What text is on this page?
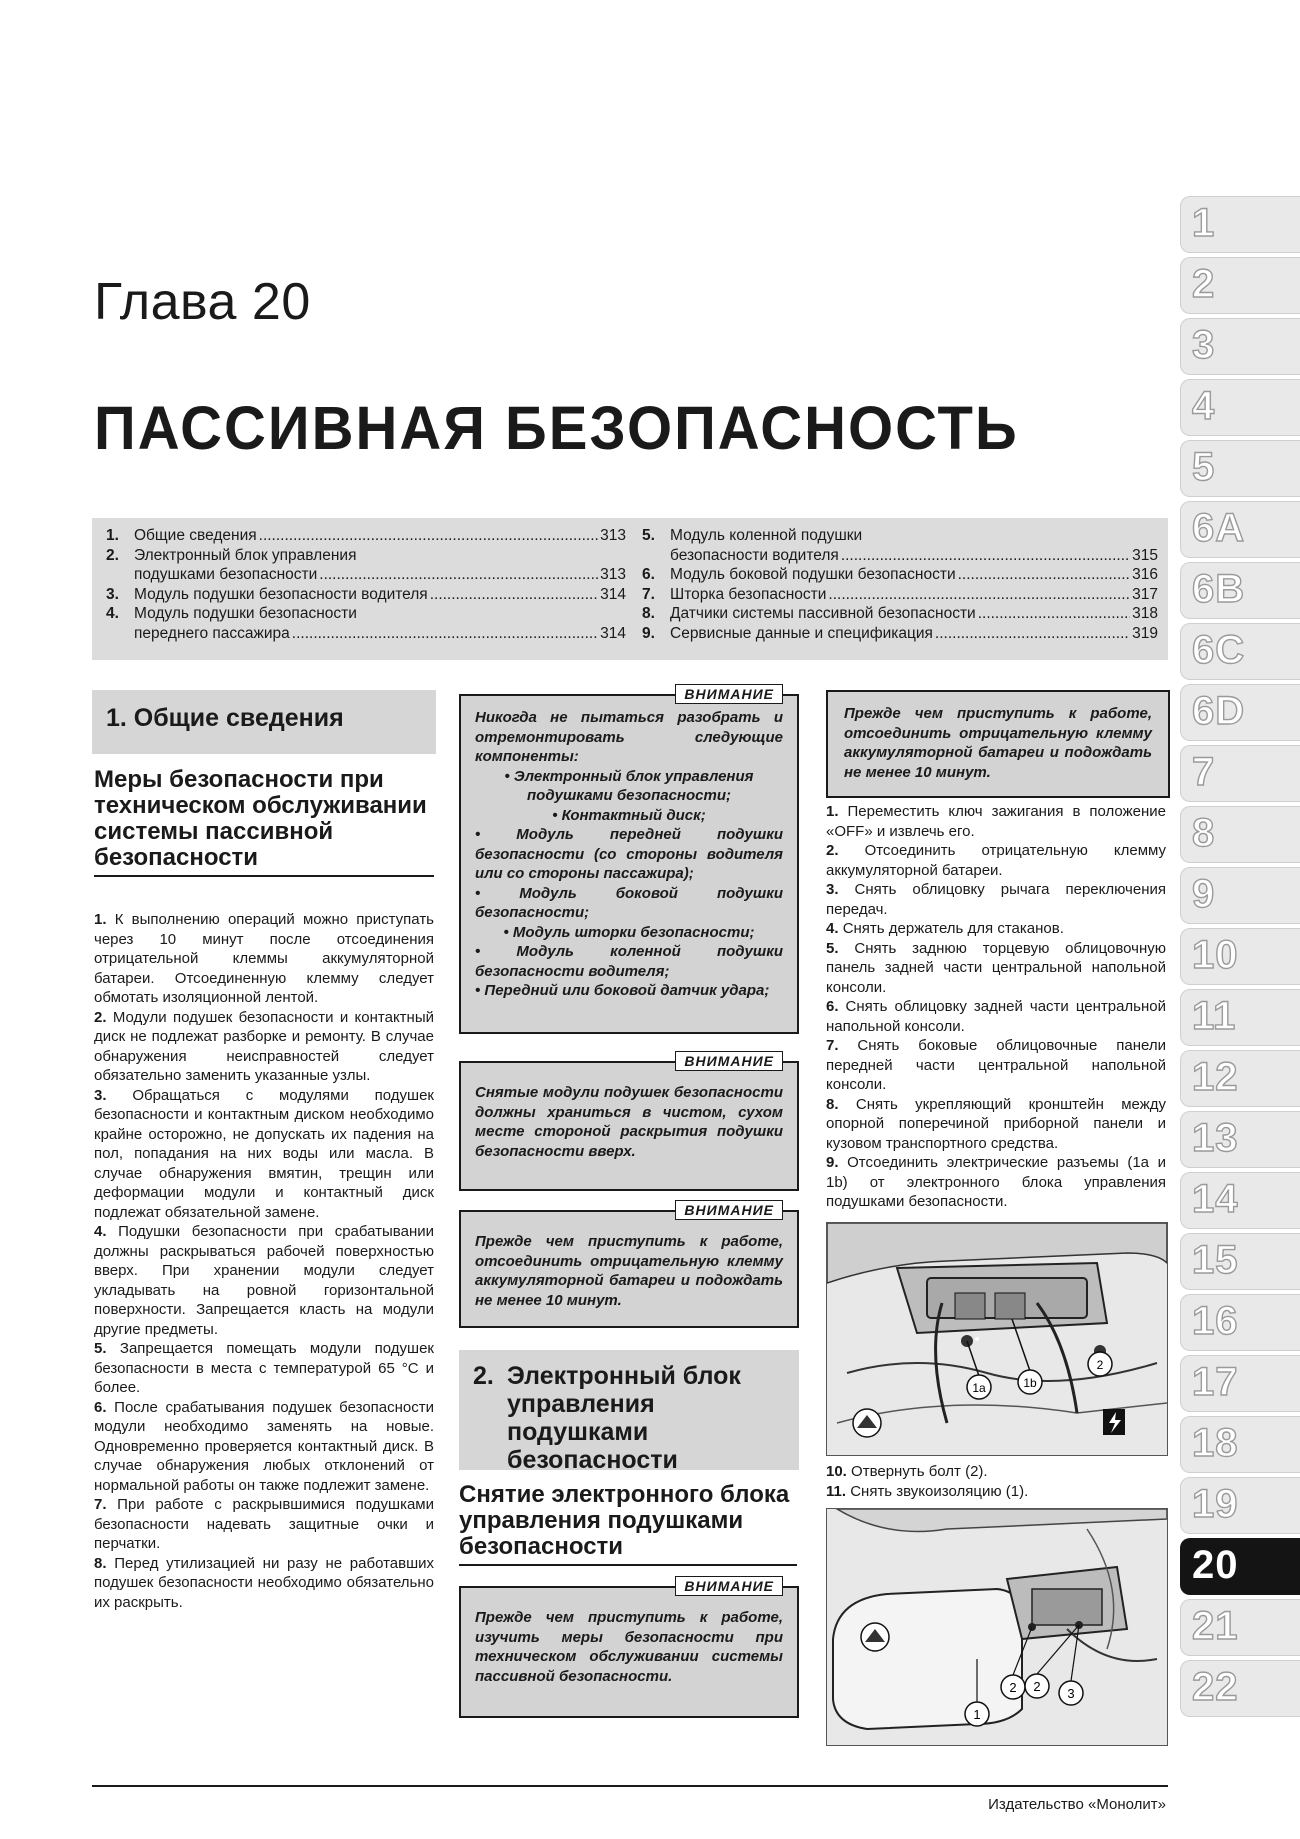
Глава 20
ПАССИВНАЯ БЕЗОПАСНОСТЬ
1. Общие сведения .....	313
2. Электронный блок управления
подушками безопасности .....	313
3. Модуль подушки безопасности водителя .....	314
4. Модуль подушки безопасности
переднего пассажира .....	314
5. Модуль коленной подушки
безопасности водителя .....	315
6. Модуль боковой подушки безопасности .....	316
7. Шторка безопасности .....	317
8. Датчики системы пассивной безопасности .....	318
9. Сервисные данные и спецификация .....	319
1
2
3
4
5
6A
6B
6C
6D
7
8
9
10
11
12
13
14
15
16
17
18
19
20
21
22
1. Общие сведения
Меры безопасности при техническом обслуживании системы пассивной безопасности

1. К выполнению операций можно приступать через 10 минут после отсоединения отрицательной клеммы аккумуляторной батареи. Отсоединенную клемму следует обмотать изоляционной лентой.

2. Модули подушек безопасности и контактный диск не подлежат разборке и ремонту. В случае обнаружения неисправностей следует обязательно заменить указанные узлы.

3. Обращаться с модулями подушек безопасности и контактным диском необходимо крайне осторожно, не допускать их падения на пол, попадания на них воды или масла. В случае обнаружения вмятин, трещин или деформации модули и контактный диск подлежат обязательной замене.

4. Подушки безопасности при срабатывании должны раскрываться рабочей поверхностью вверх. При хранении модули следует укладывать на ровной горизонтальной поверхности. Запрещается класть на модули другие предметы.

5. Запрещается помещать модули подушек безопасности в места с температурой 65 °C и более.

6. После срабатывания подушек безопасности модули необходимо заменять на новые. Одновременно проверяется контактный диск. В случае обнаружения любых отклонений от нормальной работы он также подлежит замене.

7. При работе с раскрывшимися подушками безопасности надевать защитные очки и перчатки.

8. Перед утилизацией ни разу не работавших подушек безопасности необходимо обязательно их раскрыть.

ВНИМАНИЕ
Никогда не пытаться разобрать и отремонтировать следующие компоненты:
• Электронный блок управления подушками безопасности;
• Контактный диск;
• Модуль передней подушки безопасности (со стороны водителя или со стороны пассажира);
• Модуль боковой подушки безопасности;
• Модуль шторки безопасности;
• Модуль коленной подушки безопасности водителя;
• Передний или боковой датчик удара;
ВНИМАНИЕ
Снятые модули подушек безопасности должны храниться в чистом, сухом месте стороной раскрытия подушки безопасности вверх.
ВНИМАНИЕ
Прежде чем приступить к работе, отсоединить отрицательную клемму аккумуляторной батареи и подождать не менее 10 минут.
2. Электронный блок управления подушками безопасности
Снятие электронного блока управления подушками безопасности
ВНИМАНИЕ
Прежде чем приступить к работе, изучить меры безопасности при техническом обслуживании системы пассивной безопасности.
Прежде чем приступить к работе, отсоединить отрицательную клемму аккумуляторной батареи и подождать не менее 10 минут.

1. Переместить ключ зажигания в положение «OFF» и извлечь его.

2. Отсоединить отрицательную клемму аккумуляторной батареи.

3. Снять облицовку рычага переключения передач.

4. Снять держатель для стаканов.

5. Снять заднюю торцевую облицовочную панель задней части центральной напольной консоли.

6. Снять облицовку задней части центральной напольной консоли.

7. Снять боковые облицовочные панели передней части центральной напольной консоли.

8. Снять укрепляющий кронштейн между опорной поперечиной приборной панели и кузовом транспортного средства.

9. Отсоединить электрические разъемы (1a и 1b) от электронного блока управления подушками безопасности.

1a	1b
2

10. Отвернуть болт (2).

11. Снять звукоизоляцию (1).

1
2 2 3
Издательство «Монолит»
